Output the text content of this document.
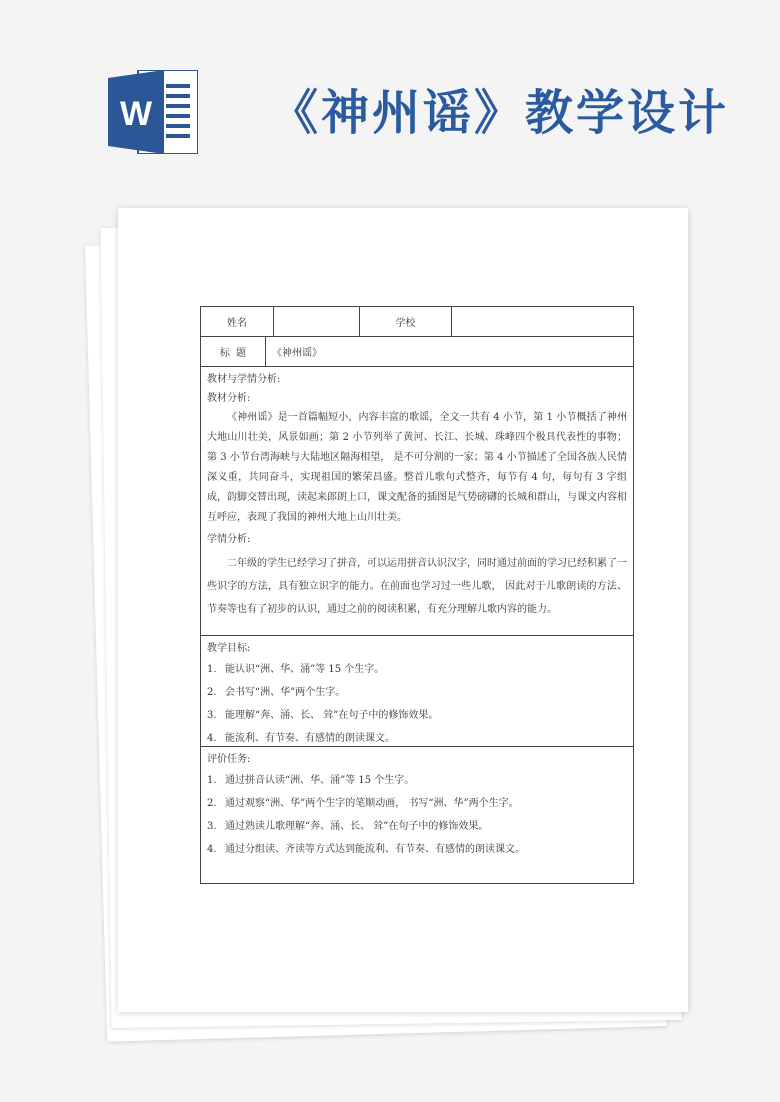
W 《神州谣》教学设计
姓名	学校
标  题	《神州谣》
教材与学情分析:
教材分析:

《神州谣》是一首篇幅短小，内容丰富的歌谣，全文一共有 4 小节，第 1 小节概括了神州大地山川壮美，风景如画；第 2 小节列举了黄河、长江、长城、珠峰四个极具代表性的事物；第 3 小节台湾海峡与大陆地区隔海相望， 是不可分割的一家；第 4 小节描述了全国各族人民情深义重，共同奋斗，实现祖国的繁荣昌盛。整首儿歌句式整齐，每节有 4 句，每句有 3 字组成，韵脚交替出现，读起来郎朗上口，课文配备的插图是气势磅礴的长城和群山，与课文内容相互呼应，表现了我国的神州大地上山川壮美。

学情分析:

二年级的学生已经学习了拼音，可以运用拼音认识汉字，同时通过前面的学习已经积累了一些识字的方法，具有独立识字的能力。在前面也学习过一些儿歌， 因此对于儿歌朗读的方法、节奏等也有了初步的认识，通过之前的阅读积累，有充分理解儿歌内容的能力。

教学目标:
1. 能认识“洲、华、涌”等 15 个生字。
2. 会书写“洲、华”两个生字。
3. 能理解“奔、涌、长、 耸”在句子中的修饰效果。
4. 能流利、有节奏、有感情的朗读课文。
评价任务:
1. 通过拼音认读“洲、华、涌”等 15 个生字。
2. 通过观察“洲、华”两个生字的笔顺动画， 书写“洲、华”两个生字。
3. 通过熟读儿歌理解“奔、涌、长、 耸”在句子中的修饰效果。
4. 通过分组读、齐读等方式达到能流利、有节奏、有感情的朗读课文。
